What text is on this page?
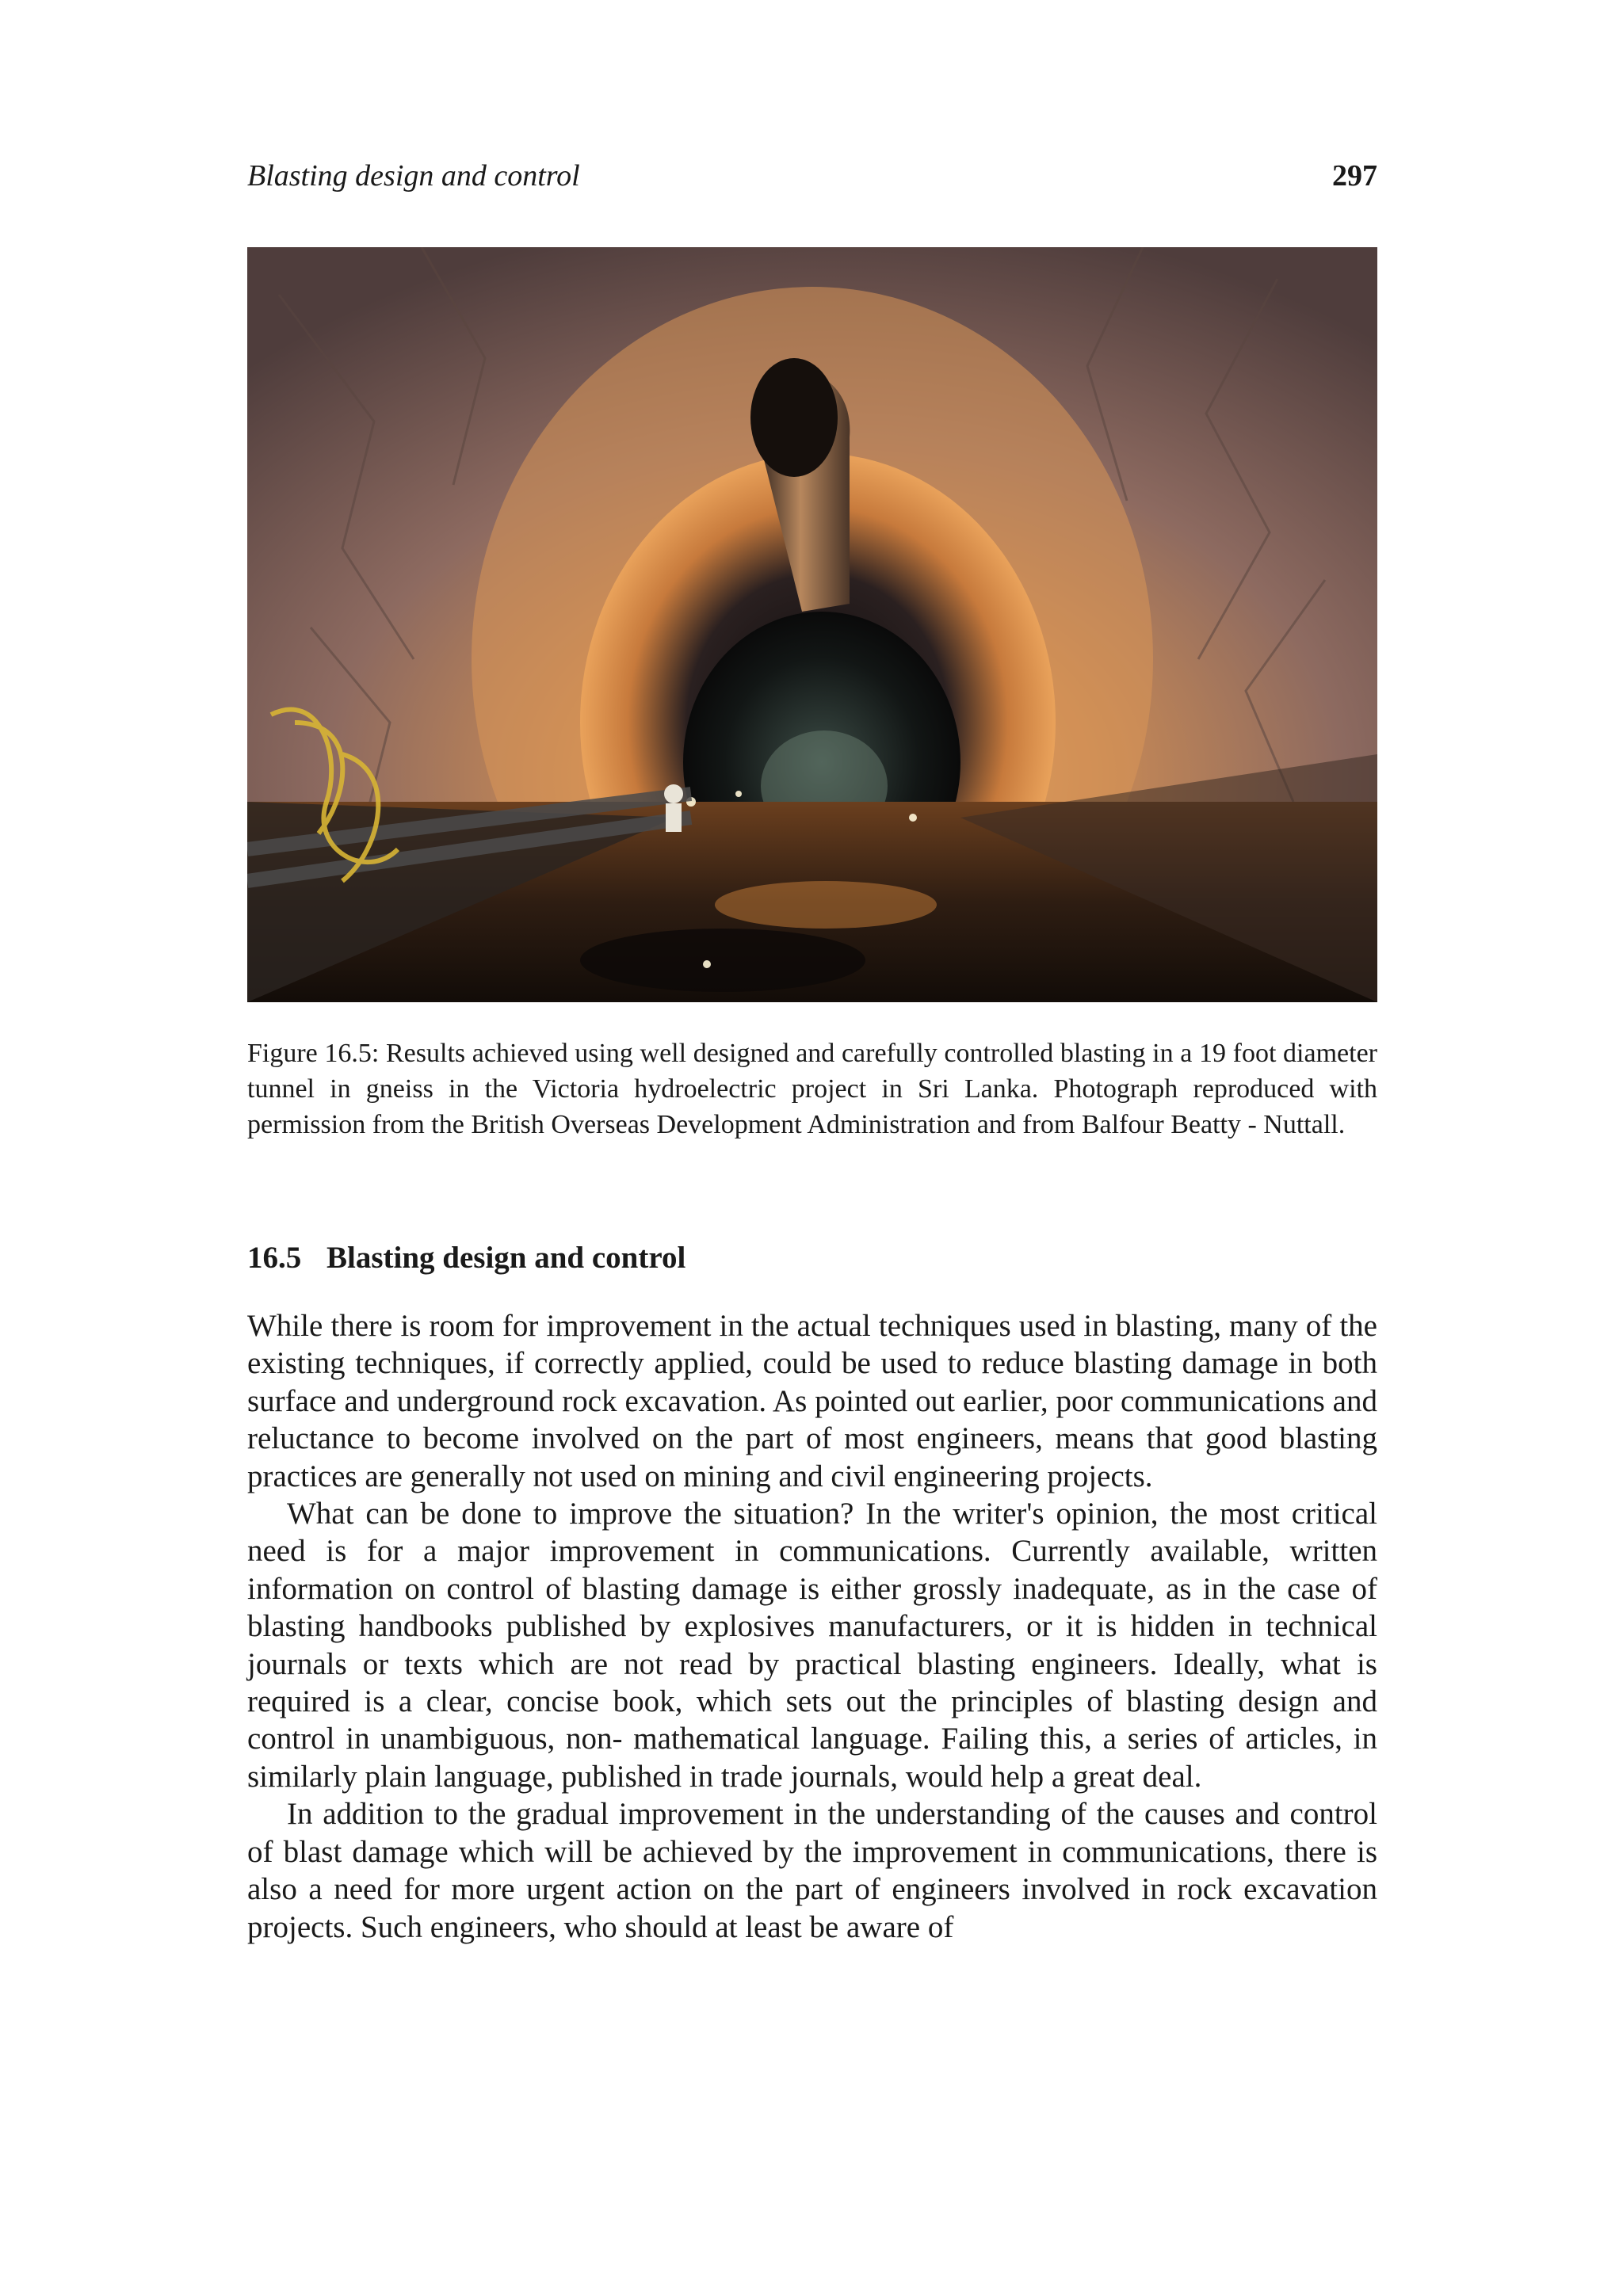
Blasting design and control	297

Figure 16.5: Results achieved using well designed and carefully controlled blasting in a 19 foot diameter tunnel in gneiss in the Victoria hydroelectric project in Sri Lanka. Photograph reproduced with permission from the British Overseas Development Administration and from Balfour Beatty - Nuttall.

16.5 Blasting design and control

While there is room for improvement in the actual techniques used in blasting, many of the existing techniques, if correctly applied, could be used to reduce blasting damage in both surface and underground rock excavation. As pointed out earlier, poor communications and reluctance to become involved on the part of most engineers, means that good blasting practices are generally not used on mining and civil engineering projects.

What can be done to improve the situation? In the writer's opinion, the most critical need is for a major improvement in communications. Currently available, written information on control of blasting damage is either grossly inadequate, as in the case of blasting handbooks published by explosives manufacturers, or it is hidden in technical journals or texts which are not read by practical blasting engineers. Ideally, what is required is a clear, concise book, which sets out the principles of blasting design and control in unambiguous, non- mathematical language. Failing this, a series of articles, in similarly plain language, published in trade journals, would help a great deal.

In addition to the gradual improvement in the understanding of the causes and control of blast damage which will be achieved by the improvement in communications, there is also a need for more urgent action on the part of engineers involved in rock excavation projects. Such engineers, who should at least be aware of
